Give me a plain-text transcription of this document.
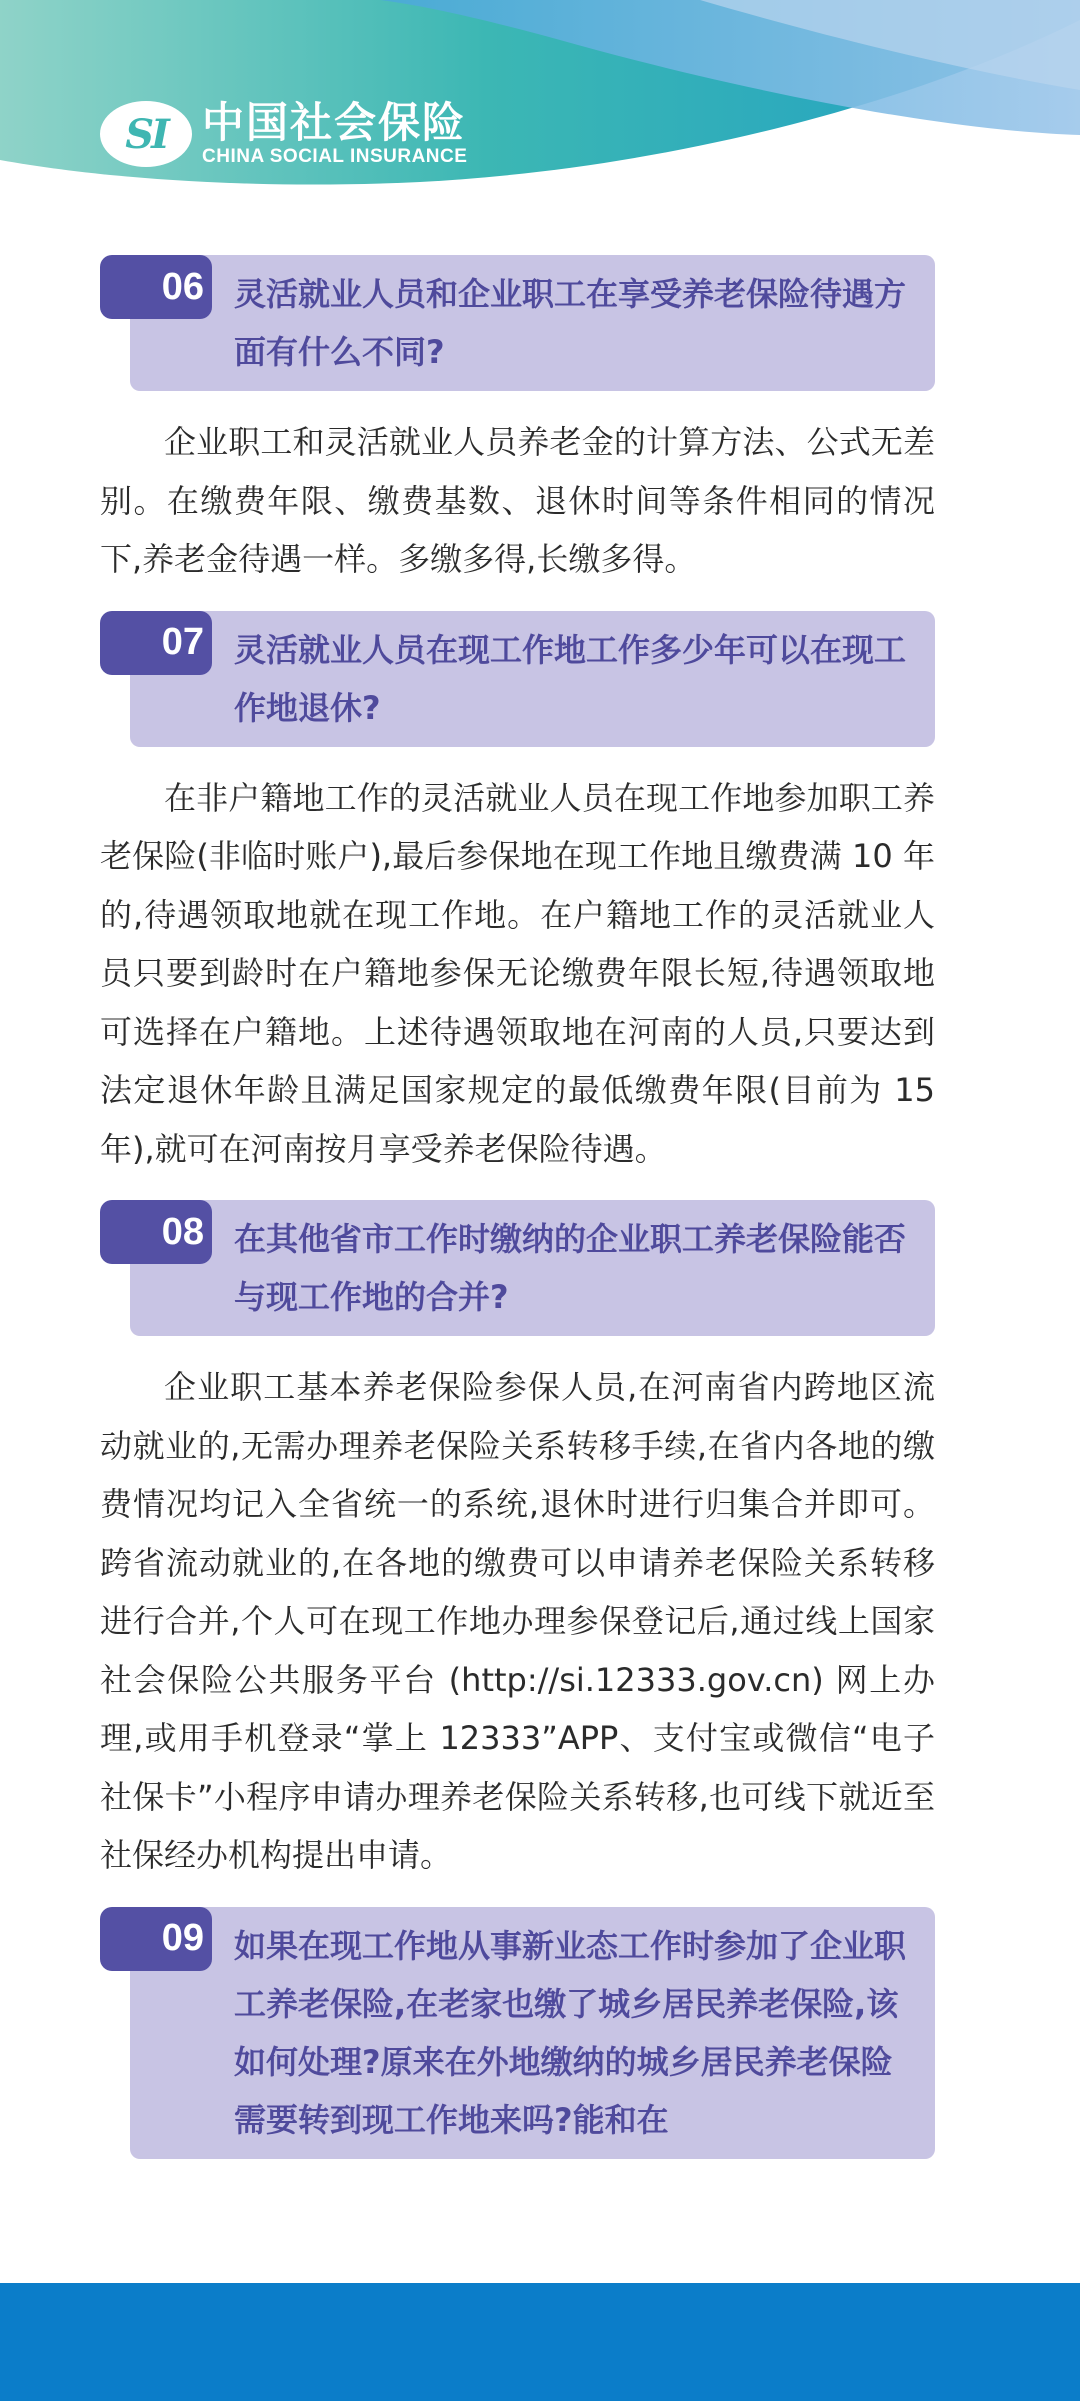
SI 中国社会保险
CHINA SOCIAL INSURANCE
06 灵活就业人员和企业职工在享受养老保险待遇方面有什么不同?

企业职工和灵活就业人员养老金的计算方法、公式无差别。在缴费年限、缴费基数、退休时间等条件相同的情况下,养老金待遇一样。多缴多得,长缴多得。

07 灵活就业人员在现工作地工作多少年可以在现工作地退休?

在非户籍地工作的灵活就业人员在现工作地参加职工养老保险(非临时账户),最后参保地在现工作地且缴费满 10 年的,待遇领取地就在现工作地。在户籍地工作的灵活就业人员只要到龄时在户籍地参保无论缴费年限长短,待遇领取地可选择在户籍地。上述待遇领取地在河南的人员,只要达到法定退休年龄且满足国家规定的最低缴费年限(目前为 15 年),就可在河南按月享受养老保险待遇。

08 在其他省市工作时缴纳的企业职工养老保险能否与现工作地的合并?

企业职工基本养老保险参保人员,在河南省内跨地区流动就业的,无需办理养老保险关系转移手续,在省内各地的缴费情况均记入全省统一的系统,退休时进行归集合并即可。跨省流动就业的,在各地的缴费可以申请养老保险关系转移进行合并,个人可在现工作地办理参保登记后,通过线上国家社会保险公共服务平台 (http://si.12333.gov.cn) 网上办理,或用手机登录“掌上 12333”APP、支付宝或微信“电子社保卡”小程序申请办理养老保险关系转移,也可线下就近至社保经办机构提出申请。

09 如果在现工作地从事新业态工作时参加了企业职工养老保险,在老家也缴了城乡居民养老保险,该如何处理?原来在外地缴纳的城乡居民养老保险需要转到现工作地来吗?能和在
